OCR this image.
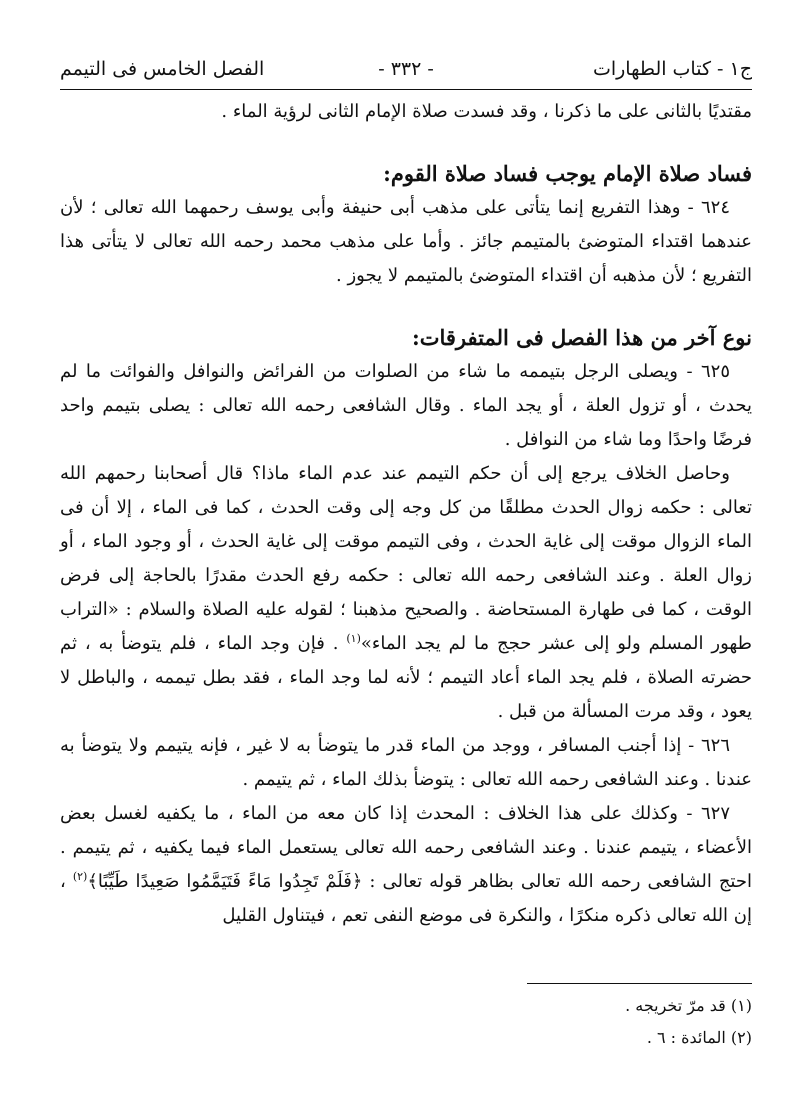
ج١ - كتاب الطهارات
- ٣٣٢ -
الفصل الخامس فى التيمم

مقتديًا بالثانى على ما ذكرنا ، وقد فسدت صلاة الإمام الثانى لرؤية الماء .

فساد صلاة الإمام يوجب فساد صلاة القوم:

٦٢٤ - وهذا التفريع إنما يتأتى على مذهب أبى حنيفة وأبى يوسف رحمهما الله تعالى ؛ لأن عندهما اقتداء المتوضئ بالمتيمم جائز . وأما على مذهب محمد رحمه الله تعالى لا يتأتى هذا التفريع ؛ لأن مذهبه أن اقتداء المتوضئ بالمتيمم لا يجوز .

نوع آخر من هذا الفصل فى المتفرقات:

٦٢٥ - ويصلى الرجل بتيممه ما شاء من الصلوات من الفرائض والنوافل والفوائت ما لم يحدث ، أو تزول العلة ، أو يجد الماء . وقال الشافعى رحمه الله تعالى : يصلى بتيمم واحد فرضًا واحدًا وما شاء من النوافل .

وحاصل الخلاف يرجع إلى أن حكم التيمم عند عدم الماء ماذا؟ قال أصحابنا رحمهم الله تعالى : حكمه زوال الحدث مطلقًا من كل وجه إلى وقت الحدث ، كما فى الماء ، إلا أن فى الماء الزوال موقت إلى غاية الحدث ، وفى التيمم موقت إلى غاية الحدث ، أو وجود الماء ، أو زوال العلة . وعند الشافعى رحمه الله تعالى : حكمه رفع الحدث مقدرًا بالحاجة إلى فرض الوقت ، كما فى طهارة المستحاضة . والصحيح مذهبنا ؛ لقوله عليه الصلاة والسلام : «التراب طهور المسلم ولو إلى عشر حجج ما لم يجد الماء»$^{(١)}$ . فإن وجد الماء ، فلم يتوضأ به ، ثم حضرته الصلاة ، فلم يجد الماء أعاد التيمم ؛ لأنه لما وجد الماء ، فقد بطل تيممه ، والباطل لا يعود ، وقد مرت المسألة من قبل .

٦٢٦ - إذا أجنب المسافر ، ووجد من الماء قدر ما يتوضأ به لا غير ، فإنه يتيمم ولا يتوضأ به عندنا . وعند الشافعى رحمه الله تعالى : يتوضأ بذلك الماء ، ثم يتيمم .

٦٢٧ - وكذلك على هذا الخلاف : المحدث إذا كان معه من الماء ، ما يكفيه لغسل بعض الأعضاء ، يتيمم عندنا . وعند الشافعى رحمه الله تعالى يستعمل الماء فيما يكفيه ، ثم يتيمم . احتج الشافعى رحمه الله تعالى بظاهر قوله تعالى : ﴿فَلَمْ تَجِدُوا مَاءً فَتَيَمَّمُوا صَعِيدًا طَيِّبًا﴾$^{(٢)}$ ، إن الله تعالى ذكره منكرًا ، والنكرة فى موضع النفى تعم ، فيتناول القليل

(١) قد مرّ تخريجه .
(٢) المائدة : ٦ .
